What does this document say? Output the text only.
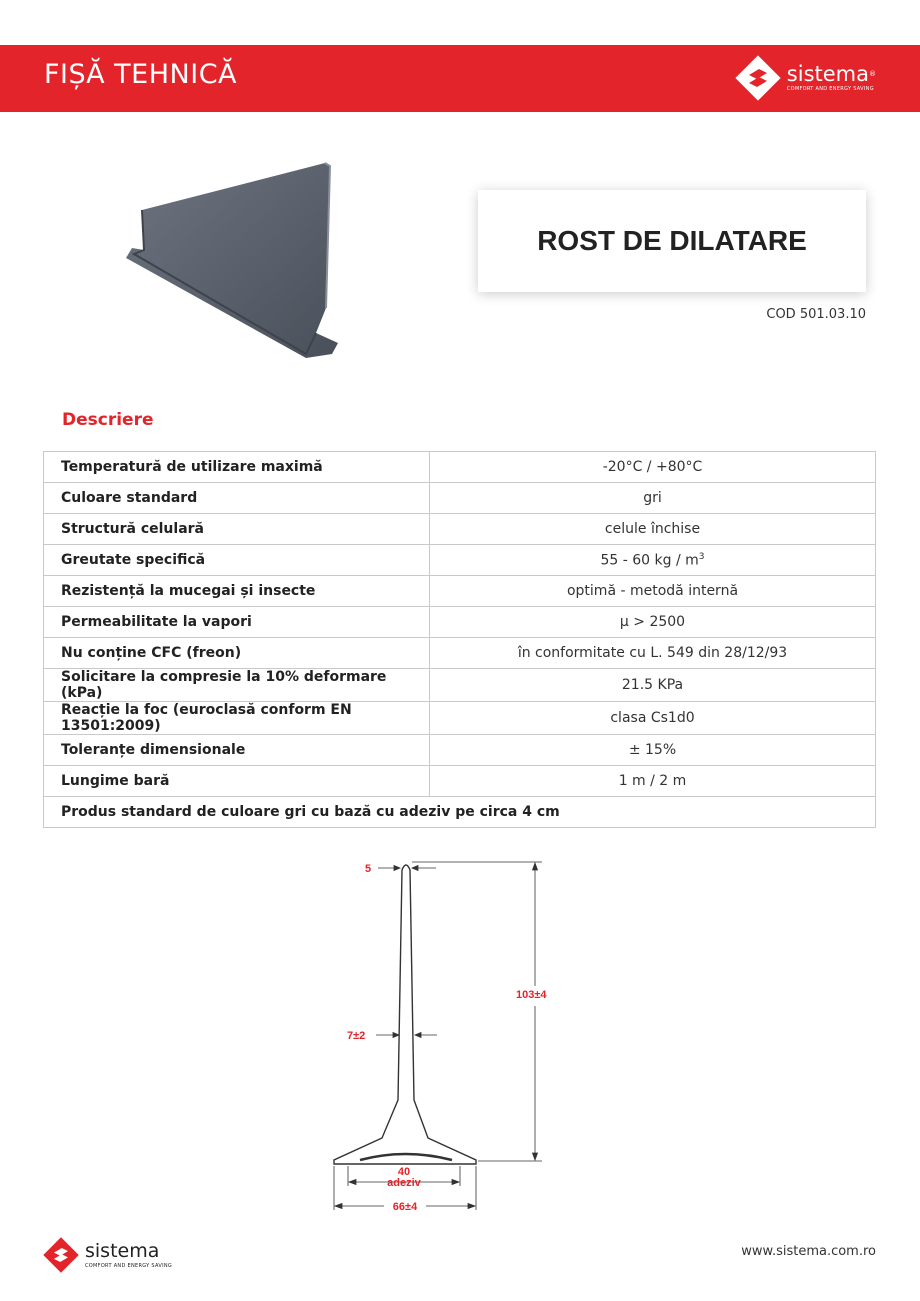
FIȘĂ TEHNICĂ	sistema®
COMFORT AND ENERGY SAVING
ROST DE DILATARE
COD 501.03.10
Descriere
Temperatură de utilizare maximă	-20°C / +80°C
Culoare standard	gri
Structură celulară	celule închise
Greutate specifică	55 - 60 kg / $m^3$
Rezistență la mucegai și insecte	optimă - metodă internă
Permeabilitate la vapori	μ > 2500
Nu conține CFC (freon)	în conformitate cu L. 549 din 28/12/93
Solicitare la compresie la 10% deformare (kPa)	21.5 KPa
Reacție la foc (euroclasă conform EN 13501:2009)	clasa Cs1d0
Toleranțe dimensionale	± 15%
Lungime bară	1 m / 2 m
Produs standard de culoare gri cu bază cu adeziv pe circa 4 cm	
5
7±2
103±4
40
adeziv
66±4
sistema
COMFORT AND ENERGY SAVING
www.sistema.com.ro
